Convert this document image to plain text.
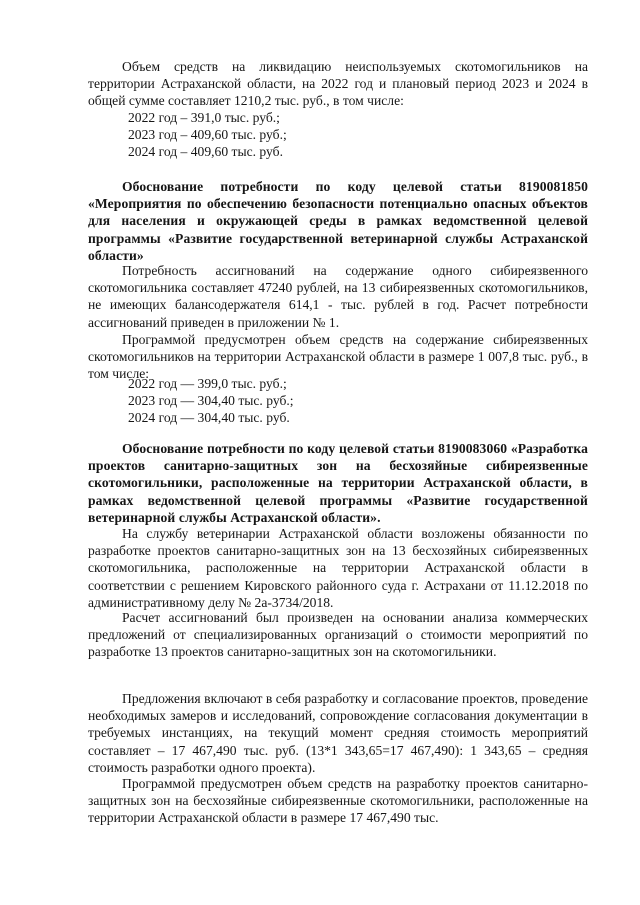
Объем средств на ликвидацию неиспользуемых скотомогильников на территории Астраханской области, на 2022 год и плановый период 2023 и 2024 в общей сумме составляет 1210,2 тыс. руб., в том числе:

2022 год – 391,0 тыс. руб.;
2023 год – 409,60 тыс. руб.;
2024 год – 409,60 тыс. руб.

Обоснование потребности по коду целевой статьи 8190081850 «Мероприятия по обеспечению безопасности потенциально опасных объектов для населения и окружающей среды в рамках ведомственной целевой программы «Развитие государственной ветеринарной службы Астраханской области»

Потребность ассигнований на содержание одного сибиреязвенного скотомогильника составляет 47240 рублей, на 13 сибиреязвенных скотомогильников, не имеющих балансодержателя 614,1 - тыс. рублей в год. Расчет потребности ассигнований приведен в приложении № 1.

Программой предусмотрен объем средств на содержание сибиреязвенных скотомогильников на территории Астраханской области в размере 1 007,8 тыс. руб., в том числе:

2022 год — 399,0 тыс. руб.;
2023 год — 304,40 тыс. руб.;
2024 год — 304,40 тыс. руб.

Обоснование потребности по коду целевой статьи 8190083060 «Разработка проектов санитарно-защитных зон на бесхозяйные сибиреязвенные скотомогильники, расположенные на территории Астраханской области, в рамках ведомственной целевой программы «Развитие государственной ветеринарной службы Астраханской области».

На службу ветеринарии Астраханской области возложены обязанности по разработке проектов санитарно-защитных зон на 13 бесхозяйных сибиреязвенных скотомогильника, расположенные на территории Астраханской области в соответствии с решением Кировского районного суда г. Астрахани от 11.12.2018 по административному делу № 2а-3734/2018.

Расчет ассигнований был произведен на основании анализа коммерческих предложений от специализированных организаций о стоимости мероприятий по разработке 13 проектов санитарно-защитных зон на скотомогильники.

Предложения включают в себя разработку и согласование проектов, проведение необходимых замеров и исследований, сопровождение согласования документации в требуемых инстанциях, на текущий момент средняя стоимость мероприятий составляет – 17 467,490 тыс. руб. (13*1 343,65=17 467,490): 1 343,65 – средняя стоимость разработки одного проекта).

Программой предусмотрен объем средств на разработку проектов санитарно-защитных зон на бесхозяйные сибиреязвенные скотомогильники, расположенные на территории Астраханской области в размере 17 467,490 тыс.
